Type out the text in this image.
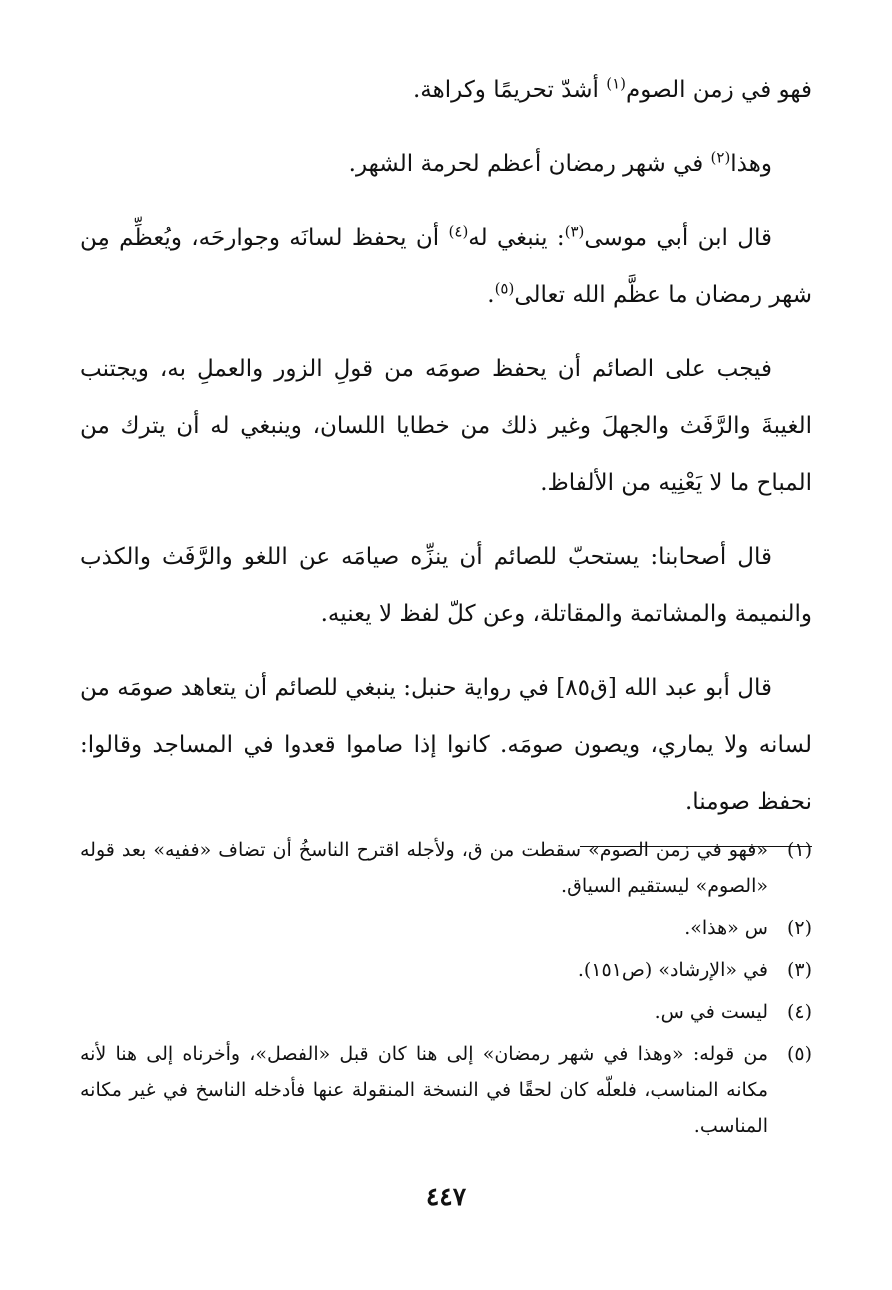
فهو في زمن الصوم$^{(١)}$ أشدّ تحريمًا وكراهة.

وهذا$^{(٢)}$ في شهر رمضان أعظم لحرمة الشهر.

قال ابن أبي موسى$^{(٣)}$: ينبغي له$^{(٤)}$ أن يحفظ لسانَه وجوارحَه، ويُعظِّم مِن شهر رمضان ما عظَّم الله تعالى$^{(٥)}$.

فيجب على الصائم أن يحفظ صومَه من قولِ الزور والعملِ به، ويجتنب الغيبةَ والرَّفَث والجهلَ وغير ذلك من خطايا اللسان، وينبغي له أن يترك من المباح ما لا يَعْنِيه من الألفاظ.

قال أصحابنا: يستحبّ للصائم أن ينزِّه صيامَه عن اللغو والرَّفَث والكذب والنميمة والمشاتمة والمقاتلة، وعن كلّ لفظ لا يعنيه.

قال أبو عبد الله [ق٨٥] في رواية حنبل: ينبغي للصائم أن يتعاهد صومَه من لسانه ولا يماري، ويصون صومَه. كانوا إذا صاموا قعدوا في المساجد وقالوا: نحفظ صومنا.

(١)
«فهو في زمن الصوم» سقطت من ق، ولأجله اقترح الناسخُ أن تضاف «ففيه» بعد قوله «الصوم» ليستقيم السياق.
(٢)
س «هذا».
(٣)
في «الإرشاد» (ص١٥١).
(٤)
ليست في س.
(٥)
من قوله: «وهذا في شهر رمضان» إلى هنا كان قبل «الفصل»، وأخرناه إلى هنا لأنه مكانه المناسب، فلعلّه كان لحقًا في النسخة المنقولة عنها فأدخله الناسخ في غير مكانه المناسب.
٤٤٧
